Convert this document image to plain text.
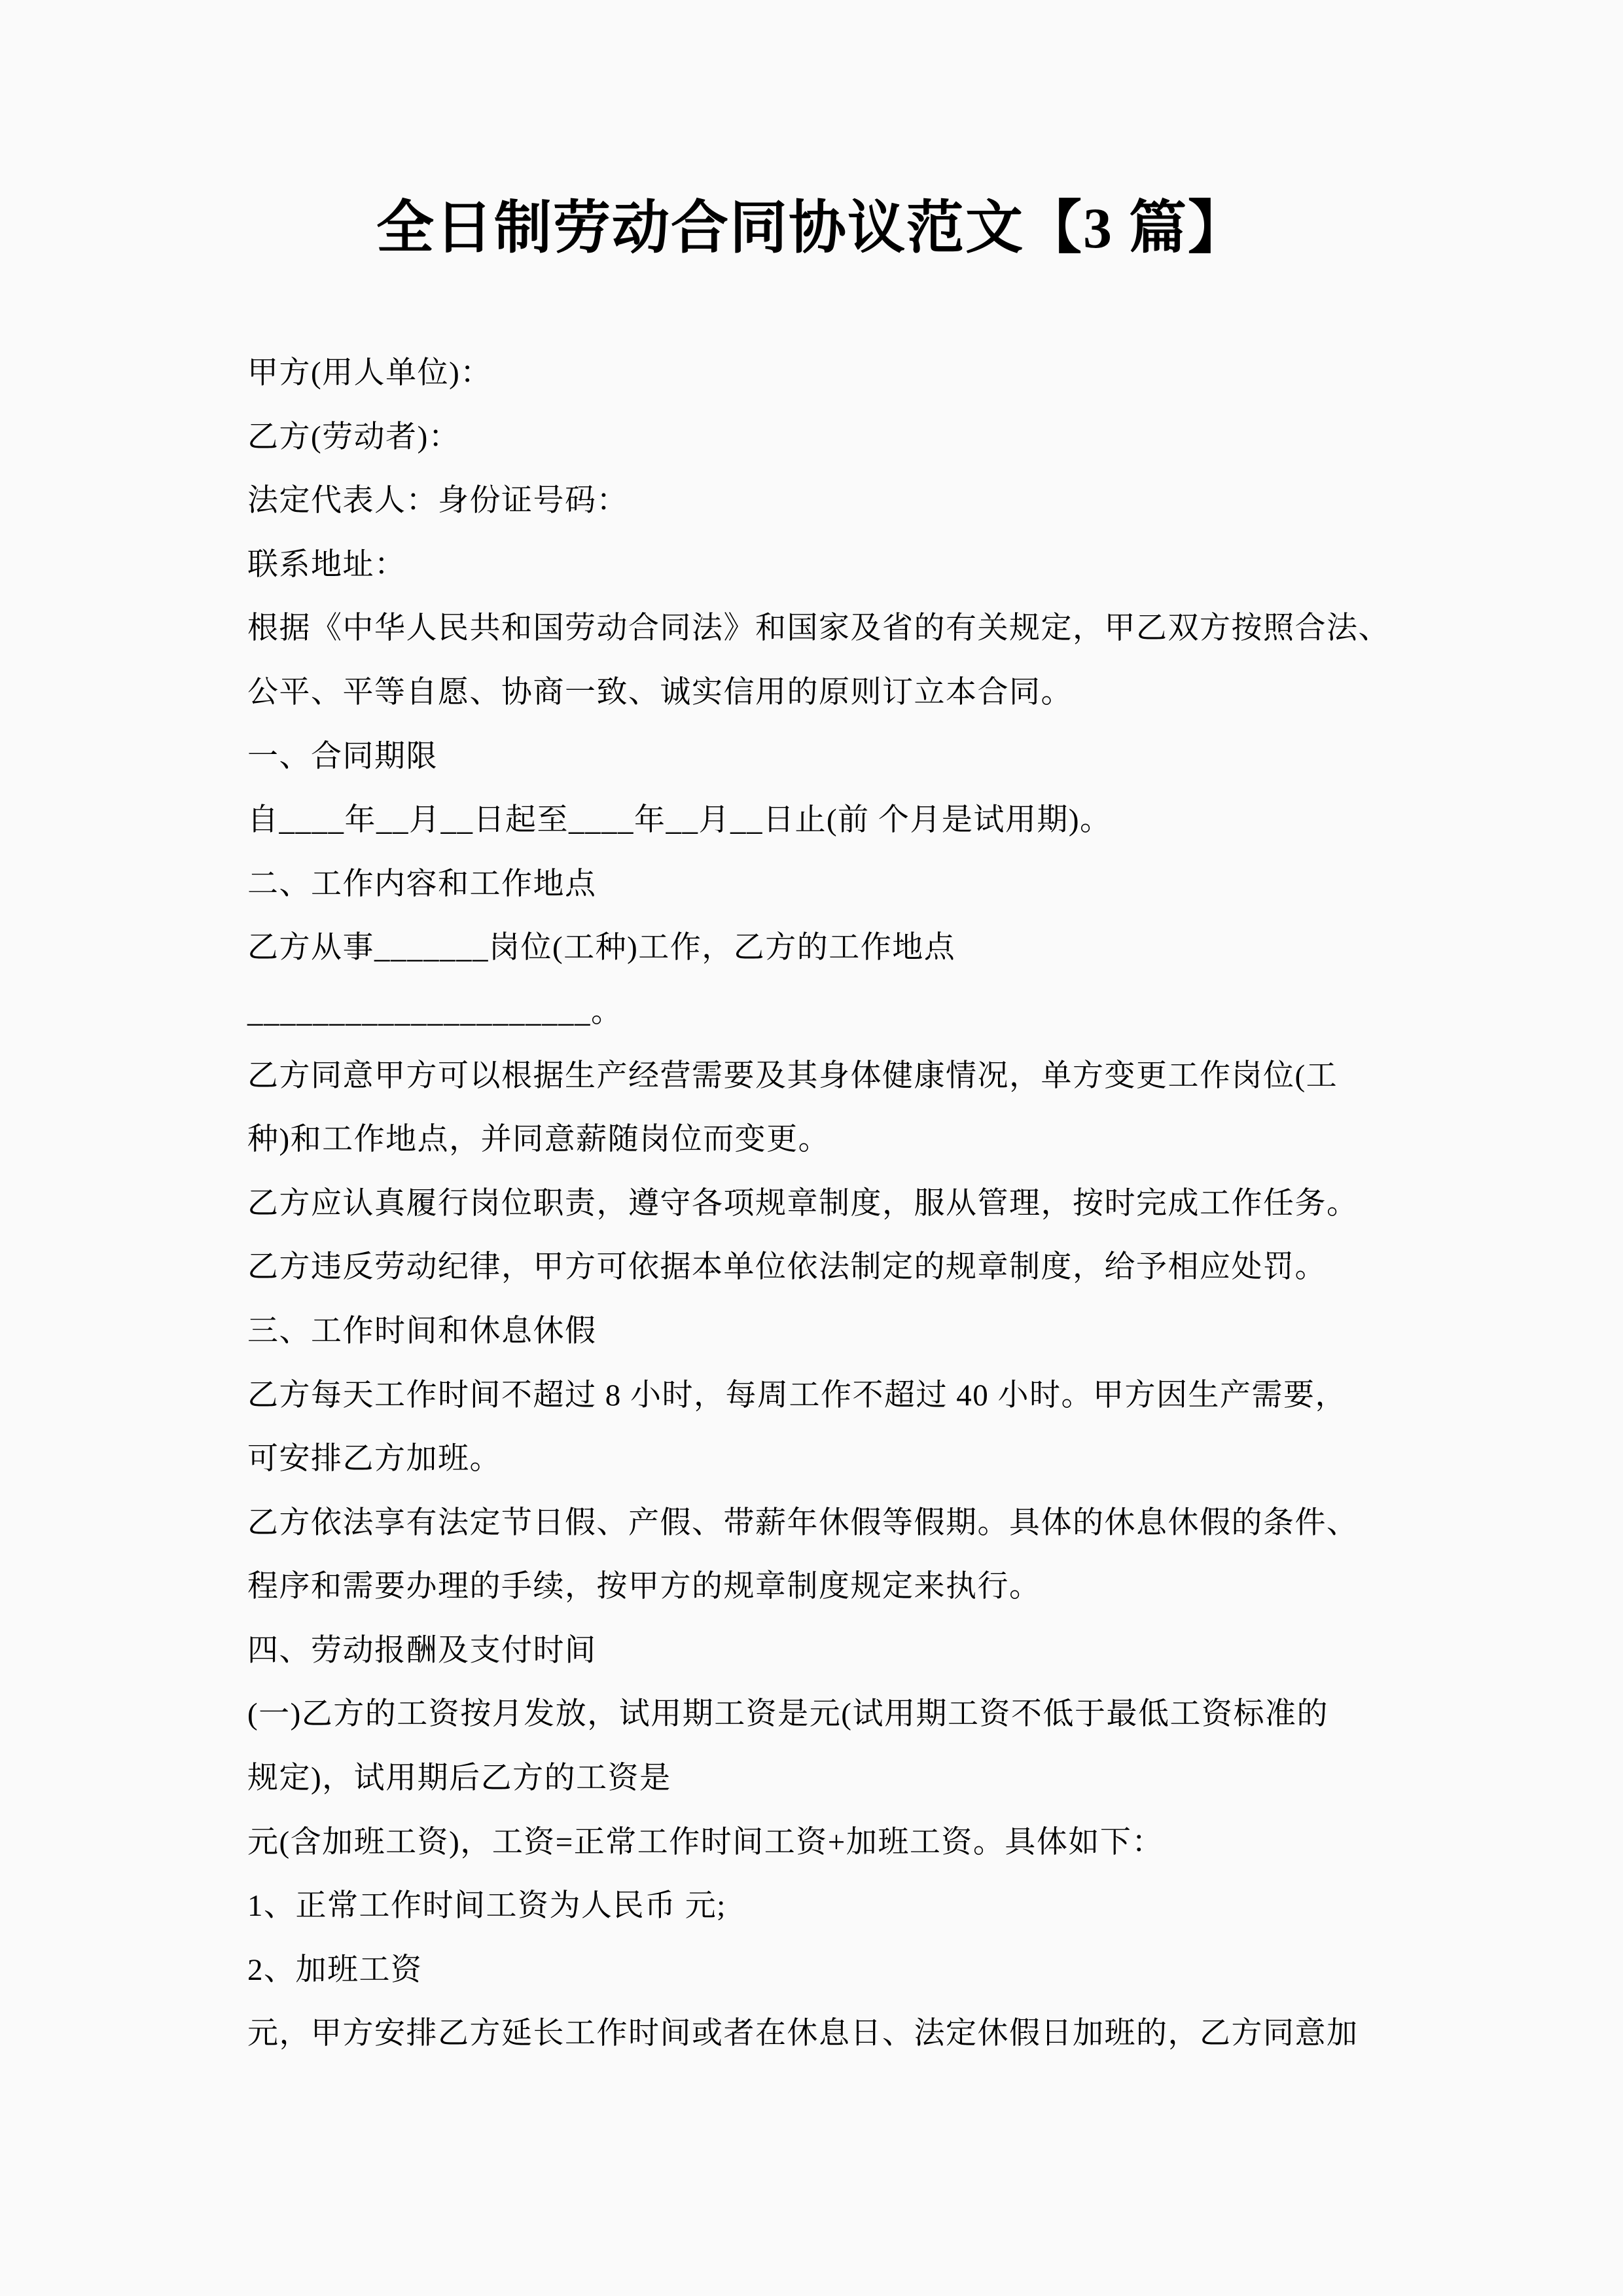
全日制劳动合同协议范文【3 篇】
甲方(用人单位)：
乙方(劳动者)：
法定代表人：身份证号码：
联系地址：
根据《中华人民共和国劳动合同法》和国家及省的有关规定，甲乙双方按照合法、
公平、平等自愿、协商一致、诚实信用的原则订立本合同。
一、合同期限
自____年__月__日起至____年__月__日止(前 个月是试用期)。
二、工作内容和工作地点
乙方从事_______岗位(工种)工作，乙方的工作地点
_____________________。
乙方同意甲方可以根据生产经营需要及其身体健康情况，单方变更工作岗位(工
种)和工作地点，并同意薪随岗位而变更。
乙方应认真履行岗位职责，遵守各项规章制度，服从管理，按时完成工作任务。
乙方违反劳动纪律，甲方可依据本单位依法制定的规章制度，给予相应处罚。
三、工作时间和休息休假
乙方每天工作时间不超过 8 小时，每周工作不超过 40 小时。甲方因生产需要，
可安排乙方加班。
乙方依法享有法定节日假、产假、带薪年休假等假期。具体的休息休假的条件、
程序和需要办理的手续，按甲方的规章制度规定来执行。
四、劳动报酬及支付时间
(一)乙方的工资按月发放，试用期工资是元(试用期工资不低于最低工资标准的
规定)，试用期后乙方的工资是
元(含加班工资)，工资=正常工作时间工资+加班工资。具体如下：
1、正常工作时间工资为人民币 元;
2、加班工资
元，甲方安排乙方延长工作时间或者在休息日、法定休假日加班的，乙方同意加
